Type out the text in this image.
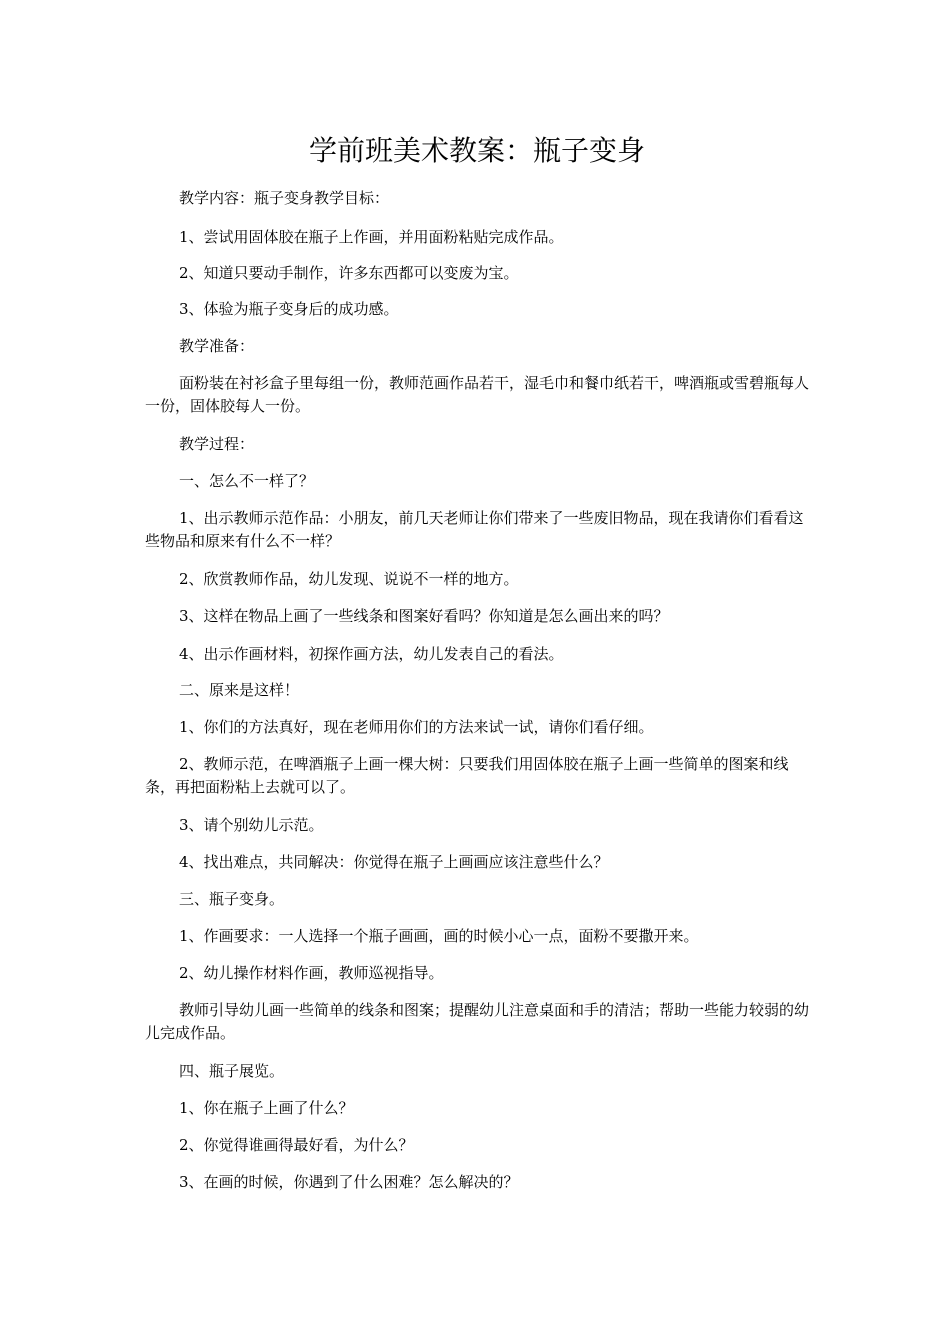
学前班美术教案：瓶子变身

教学内容：瓶子变身教学目标：

1、尝试用固体胶在瓶子上作画，并用面粉粘贴完成作品。

2、知道只要动手制作，许多东西都可以变废为宝。

3、体验为瓶子变身后的成功感。

教学准备：

面粉装在衬衫盒子里每组一份，教师范画作品若干，湿毛巾和餐巾纸若干，啤酒瓶或雪碧瓶每人一份，固体胶每人一份。

教学过程：

一、怎么不一样了？

1、出示教师示范作品：小朋友，前几天老师让你们带来了一些废旧物品，现在我请你们看看这些物品和原来有什么不一样？

2、欣赏教师作品，幼儿发现、说说不一样的地方。

3、这样在物品上画了一些线条和图案好看吗？你知道是怎么画出来的吗？

4、出示作画材料，初探作画方法，幼儿发表自己的看法。

二、原来是这样！

1、你们的方法真好，现在老师用你们的方法来试一试，请你们看仔细。

2、教师示范，在啤酒瓶子上画一棵大树：只要我们用固体胶在瓶子上画一些简单的图案和线条，再把面粉粘上去就可以了。

3、请个别幼儿示范。

4、找出难点，共同解决：你觉得在瓶子上画画应该注意些什么？

三、瓶子变身。

1、作画要求：一人选择一个瓶子画画，画的时候小心一点，面粉不要撒开来。

2、幼儿操作材料作画，教师巡视指导。

教师引导幼儿画一些简单的线条和图案；提醒幼儿注意桌面和手的清洁；帮助一些能力较弱的幼儿完成作品。

四、瓶子展览。

1、你在瓶子上画了什么？

2、你觉得谁画得最好看，为什么？

3、在画的时候，你遇到了什么困难？怎么解决的？
